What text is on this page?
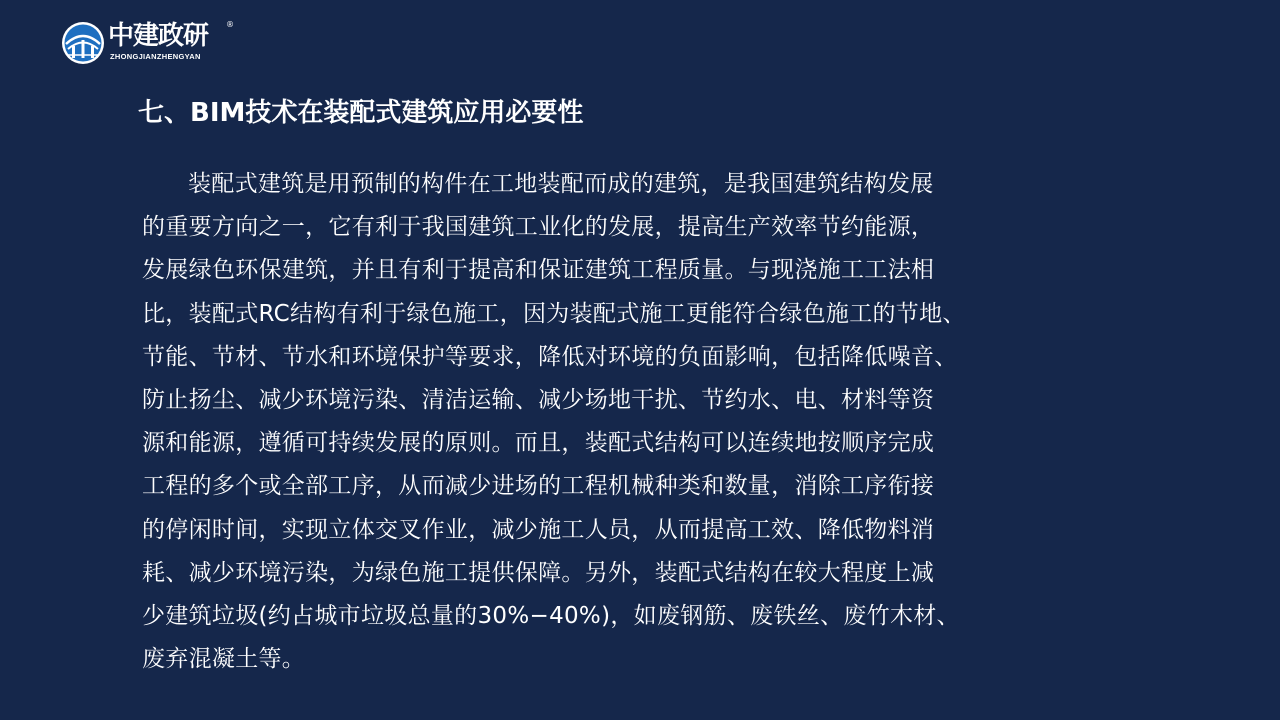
中建政研 ®
ZHONGJIANZHENGYAN
七、BIM技术在装配式建筑应用必要性
装配式建筑是用预制的构件在工地装配而成的建筑，是我国建筑结构发展
的重要方向之一，它有利于我国建筑工业化的发展，提高生产效率节约能源，
发展绿色环保建筑，并且有利于提高和保证建筑工程质量。与现浇施工工法相
比，装配式RC结构有利于绿色施工，因为装配式施工更能符合绿色施工的节地、
节能、节材、节水和环境保护等要求，降低对环境的负面影响，包括降低噪音、
防止扬尘、减少环境污染、清洁运输、减少场地干扰、节约水、电、材料等资
源和能源，遵循可持续发展的原则。而且，装配式结构可以连续地按顺序完成
工程的多个或全部工序，从而减少进场的工程机械种类和数量，消除工序衔接
的停闲时间，实现立体交叉作业，减少施工人员，从而提高工效、降低物料消
耗、减少环境污染，为绿色施工提供保障。另外，装配式结构在较大程度上减
少建筑垃圾(约占城市垃圾总量的30%−40%)，如废钢筋、废铁丝、废竹木材、
废弃混凝土等。
